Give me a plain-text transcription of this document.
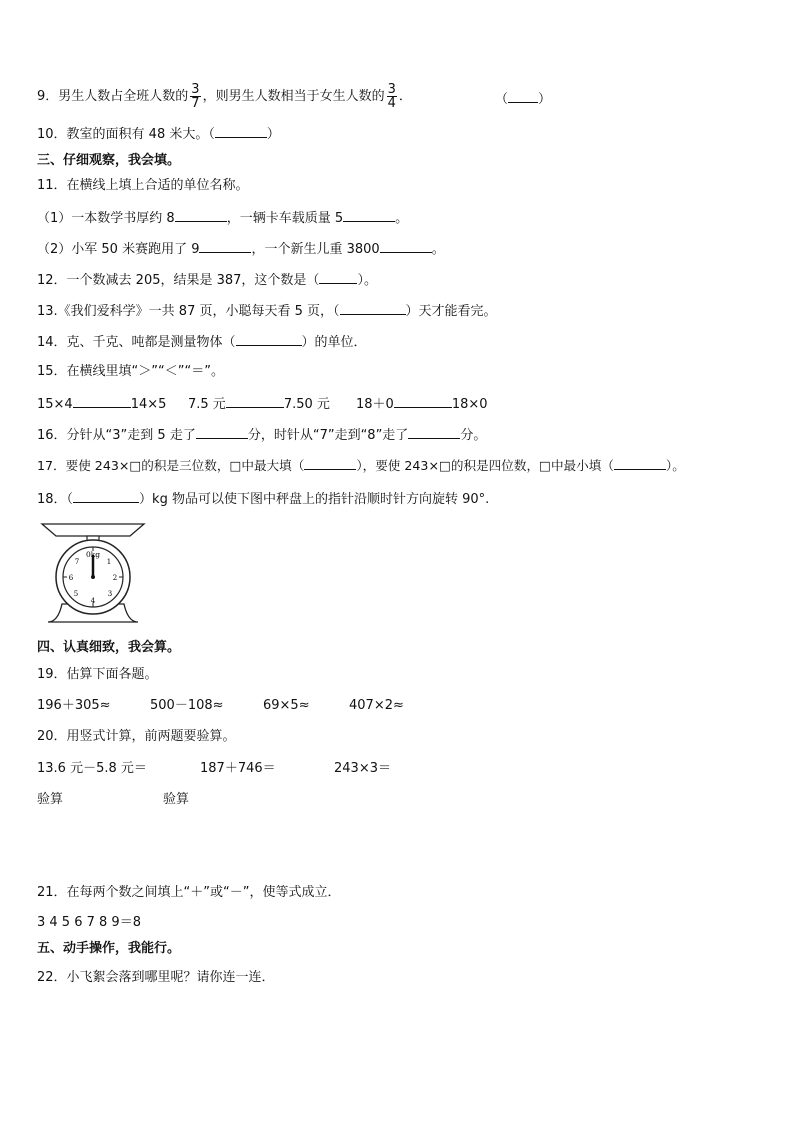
9．男生人数占全班人数的 $\frac{3}{7}$ ，则男生人数相当于女生人数的 $\frac{3}{4}$ ．	（ ）
10．教室的面积有 48 米大。（	）
三、仔细观察，我会填。
11．在横线上填上合适的单位名称。
（1）一本数学书厚约 8	，一辆卡车载质量 5	。
（2）小军 50 米赛跑用了 9	，一个新生儿重 3800	。
12．一个数减去 205，结果是 387，这个数是（	）。
13.《我们爱科学》一共 87 页，小聪每天看 5 页，（	）天才能看完。
14．克、千克、吨都是测量物体（	）的单位．
15．在横线里填“＞”“＜”“＝”。
15×4	14×5 7.5 元	7.50 元 18＋0	18×0
16．分针从“3”走到 5 走了	分，时针从“7”走到“8”走了	分。
17．要使 243×□的积是三位数，□中最大填（	），要使 243×□的积是四位数，□中最小填（	）。
18．（	）kg 物品可以使下图中秤盘上的指针沿顺时针方向旋转 90°.
0kg
1
2
3
4
5
6
7
四、认真细致，我会算。
19．估算下面各题。
196＋305≈	500－108≈	69×5≈	407×2≈
20．用竖式计算，前两题要验算。
13.6 元－5.8 元＝	187＋746＝	243×3＝
验算	验算
21．在每两个数之间填上“＋”或“－”，使等式成立．
3 4 5 6 7 8 9＝8
五、动手操作，我能行。
22．小飞絮会落到哪里呢？请你连一连．
